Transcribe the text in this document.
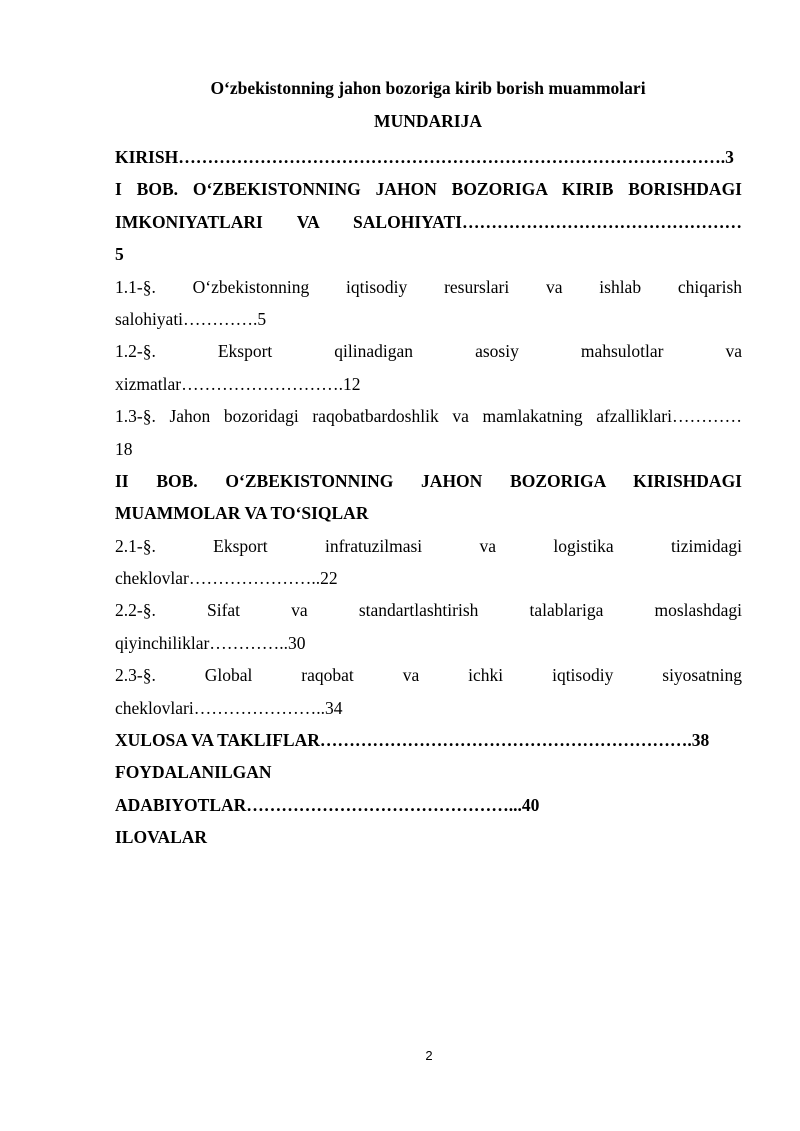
O‘zbekistonning jahon bozoriga kirib borish muammolari
MUNDARIJA
KIRISH………………………………………………………………………………….3
I BOB. O‘ZBEKISTONNING JAHON BOZORIGA KIRIB BORISHDAGI
IMKONIYATLARI VA SALOHIYATI…………………………………………
5
1.1-§. O‘zbekistonning iqtisodiy resurslari va ishlab chiqarish
salohiyati………….5
1.2-§. Eksport qilinadigan asosiy mahsulotlar va
xizmatlar……………………….12
1.3-§. Jahon bozoridagi raqobatbardoshlik va mamlakatning afzalliklari…………
18
II BOB. O‘ZBEKISTONNING JAHON BOZORIGA KIRISHDAGI
MUAMMOLAR VA TO‘SIQLAR
2.1-§. Eksport infratuzilmasi va logistika tizimidagi
cheklovlar…………………..22
2.2-§. Sifat va standartlashtirish talablariga moslashdagi
qiyinchiliklar…………..30
2.3-§. Global raqobat va ichki iqtisodiy siyosatning
cheklovlari…………………..34
XULOSA VA TAKLIFLAR……………………………………………………….38
FOYDALANILGAN
ADABIYOTLAR………………………………………...40
ILOVALAR
2
